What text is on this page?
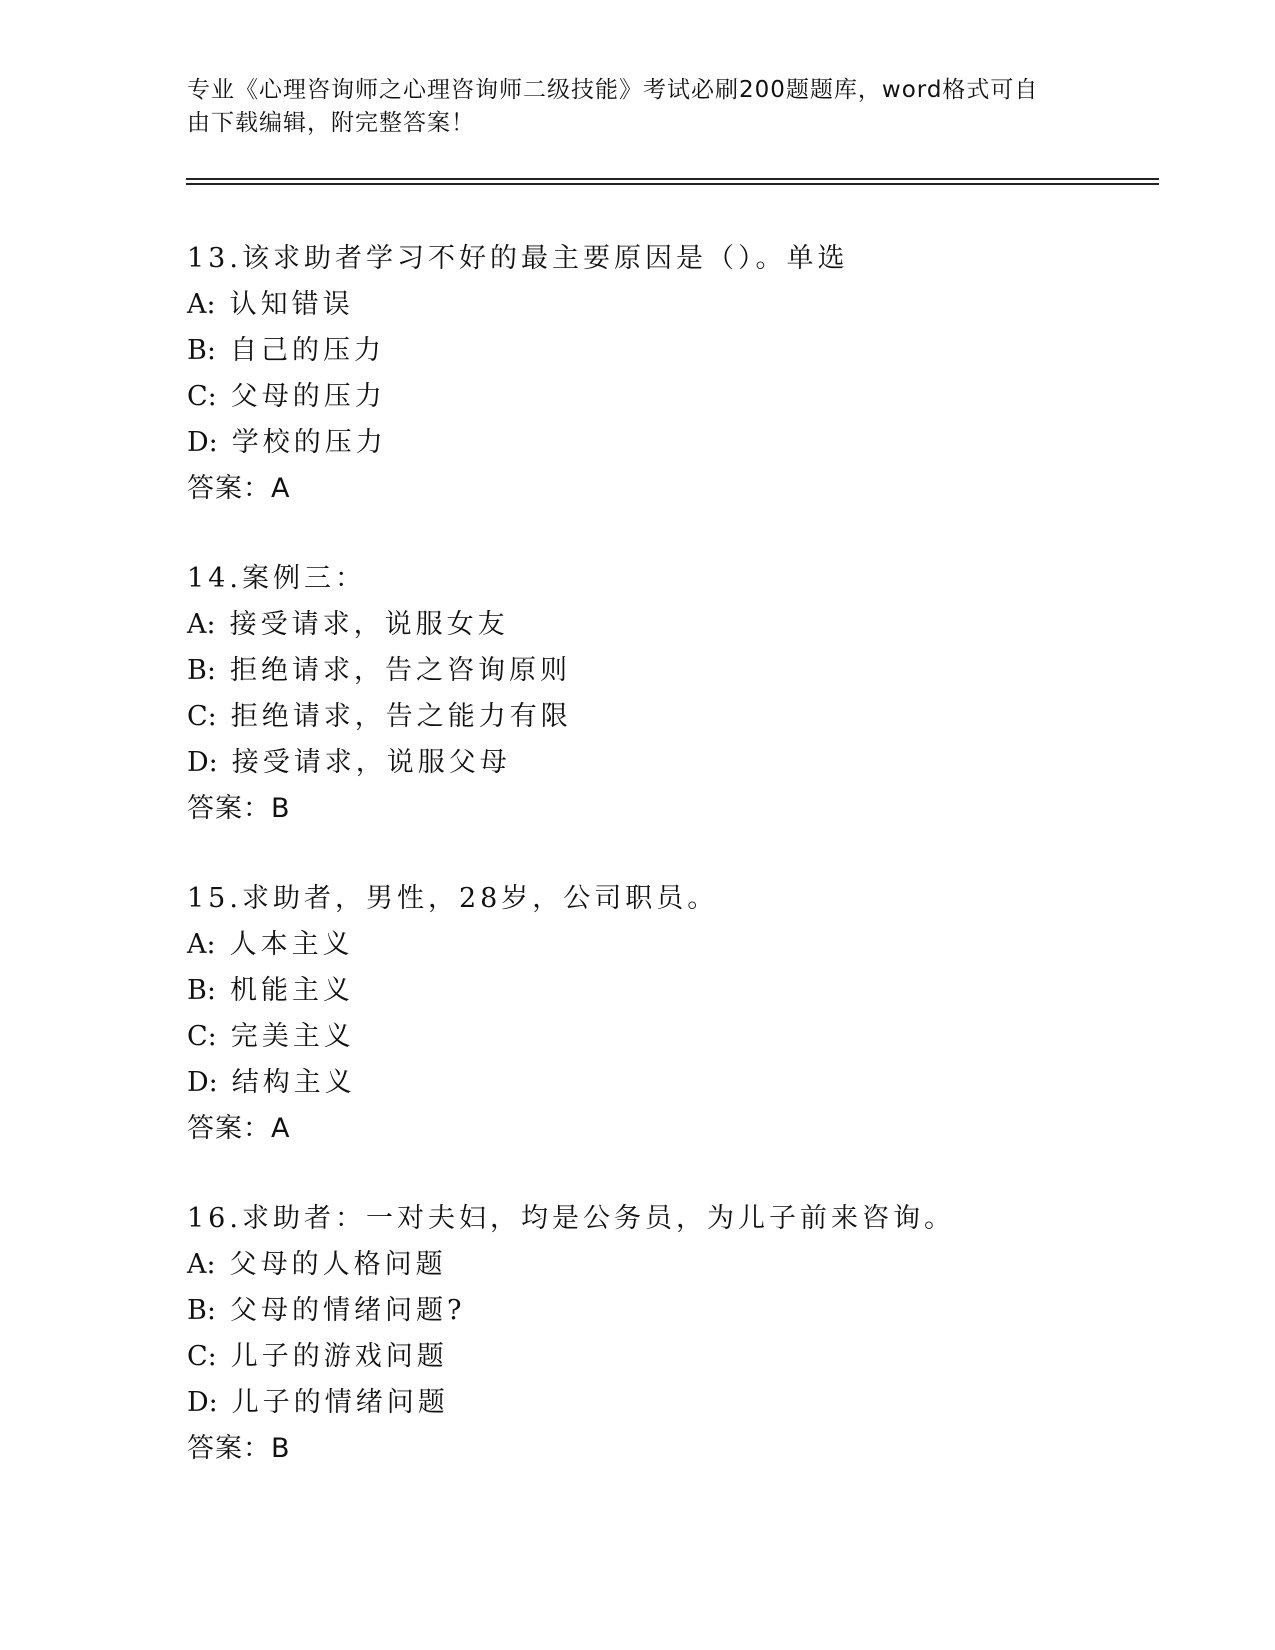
专业《心理咨询师之心理咨询师二级技能》考试必刷200题题库，word格式可自
由下载编辑，附完整答案！
13.该求助者学习不好的最主要原因是（）。单选
A: 认知错误
B: 自己的压力
C: 父母的压力
D: 学校的压力
答案：A
14.案例三：
A: 接受请求，说服女友
B: 拒绝请求，告之咨询原则
C: 拒绝请求，告之能力有限
D: 接受请求，说服父母
答案：B
15.求助者，男性，28岁，公司职员。
A: 人本主义
B: 机能主义
C: 完美主义
D: 结构主义
答案：A
16.求助者：一对夫妇，均是公务员，为儿子前来咨询。
A: 父母的人格问题
B: 父母的情绪问题?
C: 儿子的游戏问题
D: 儿子的情绪问题
答案：B
